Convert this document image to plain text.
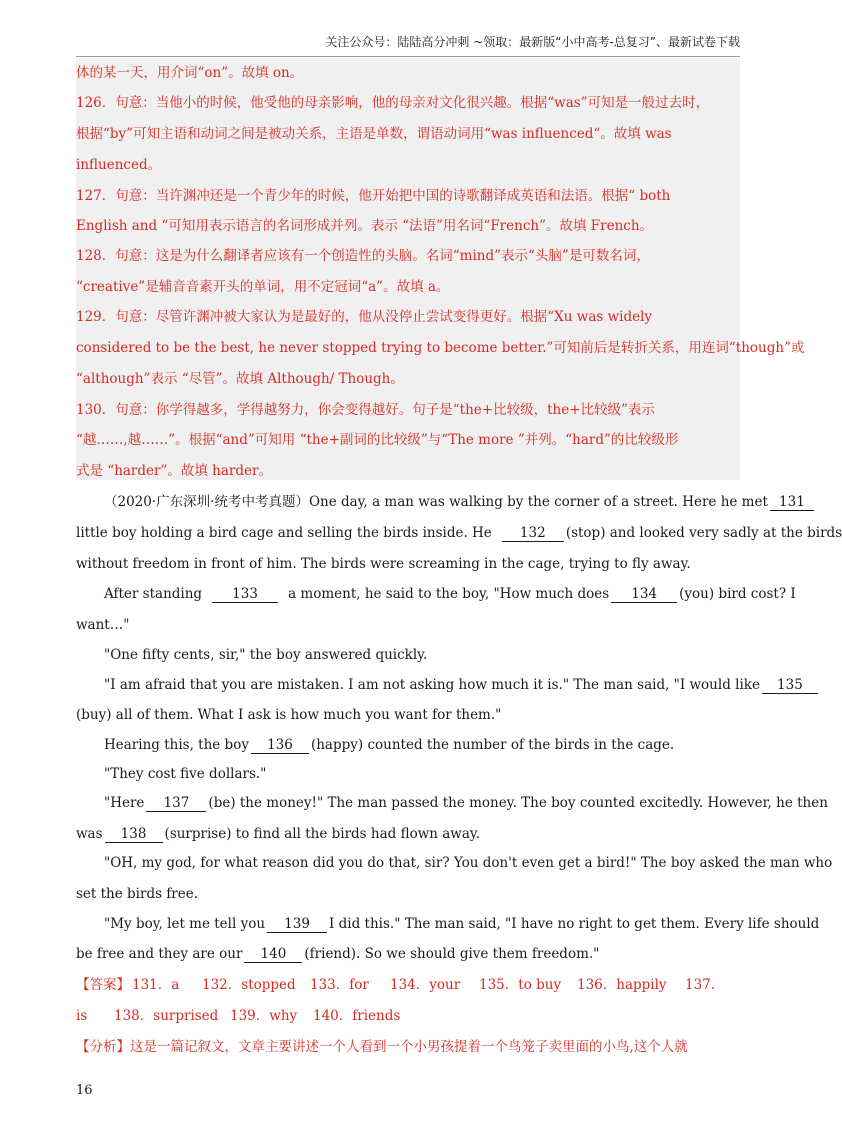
关注公众号：陆陆高分冲刺 ~领取：最新版“小中高考-总复习”、最新试卷下载
体的某一天，用介词“on”。故填 on。
126．句意：当他小的时候，他受他的母亲影响，他的母亲对文化很兴趣。根据“was”可知是一般过去时，
根据“by”可知主语和动词之间是被动关系，主语是单数，谓语动词用“was influenced“。故填 was
influenced。
127．句意：当许渊冲还是一个青少年的时候，他开始把中国的诗歌翻译成英语和法语。根据“ both
English and “可知用表示语言的名词形成并列。表示 “法语”用名词“French”。故填 French。
128．句意：这是为什么翻译者应该有一个创造性的头脑。名词“mind”表示“头脑”是可数名词，
“creative”是辅音音素开头的单词，用不定冠词“a”。故填 a。
129．句意：尽管许渊冲被大家认为是最好的，他从没停止尝试变得更好。根据“Xu was widely
considered to be the best, he never stopped trying to become better.”可知前后是转折关系，用连词“though”或
“although”表示 “尽管”。故填 Although/ Though。
130．句意：你学得越多，学得越努力，你会变得越好。句子是“the+比较级，the+比较级”表示
“越……,越……”。根据“and”可知用 “the+副词的比较级”与“The more ”并列。“hard”的比较级形
式是 “harder”。故填 harder。
（2020·广东深圳·统考中考真题）One day, a man was walking by the corner of a street. Here he met 131
little boy holding a bird cage and selling the birds inside. He 132 (stop) and looked very sadly at the birds
without freedom in front of him. The birds were screaming in the cage, trying to fly away.
After standing 133 a moment, he said to the boy, "How much does 134 (you) bird cost? I
want…"
"One fifty cents, sir," the boy answered quickly.
"I am afraid that you are mistaken. I am not asking how much it is." The man said, "I would like 135
(buy) all of them. What I ask is how much you want for them."
Hearing this, the boy 136 (happy) counted the number of the birds in the cage.
"They cost five dollars."
"Here 137 (be) the money!" The man passed the money. The boy counted excitedly. However, he then
was 138 (surprise) to find all the birds had flown away.
"OH, my god, for what reason did you do that, sir? You don't even get a bird!" The boy asked the man who
set the birds free.
"My boy, let me tell you 139 I did this." The man said, "I have no right to get them. Every life should
be free and they are our 140 (friend). So we should give them freedom."
【答案】 131．a 132．stopped 133．for 134．your 135．to buy 136．happily 137．
is 138．surprised 139．why 140．friends
【分析】这是一篇记叙文，文章主要讲述一个人看到一个小男孩提着一个鸟笼子卖里面的小鸟,这个人就
16
